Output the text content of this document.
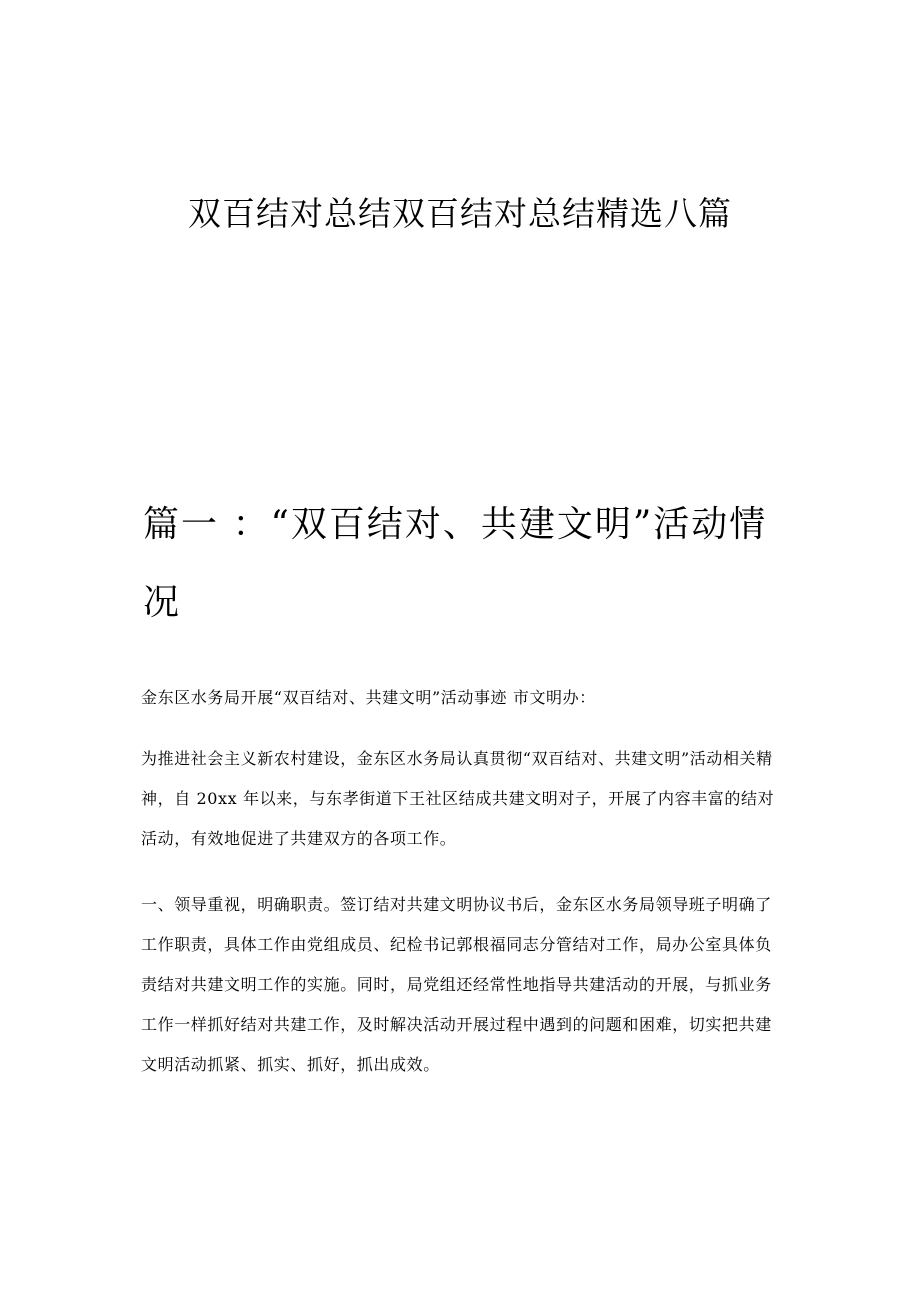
双百结对总结双百结对总结精选八篇
篇一 ：“双百结对、共建文明”活动情况

金东区水务局开展“双百结对、共建文明”活动事迹 市文明办：

为推进社会主义新农村建设，金东区水务局认真贯彻“双百结对、共建文明”活动相关精神，自 20xx 年以来，与东孝街道下王社区结成共建文明对子，开展了内容丰富的结对活动，有效地促进了共建双方的各项工作。

一、领导重视，明确职责。签订结对共建文明协议书后，金东区水务局领导班子明确了工作职责，具体工作由党组成员、纪检书记郭根福同志分管结对工作，局办公室具体负责结对共建文明工作的实施。同时，局党组还经常性地指导共建活动的开展，与抓业务工作一样抓好结对共建工作，及时解决活动开展过程中遇到的问题和困难，切实把共建文明活动抓紧、抓实、抓好，抓出成效。
